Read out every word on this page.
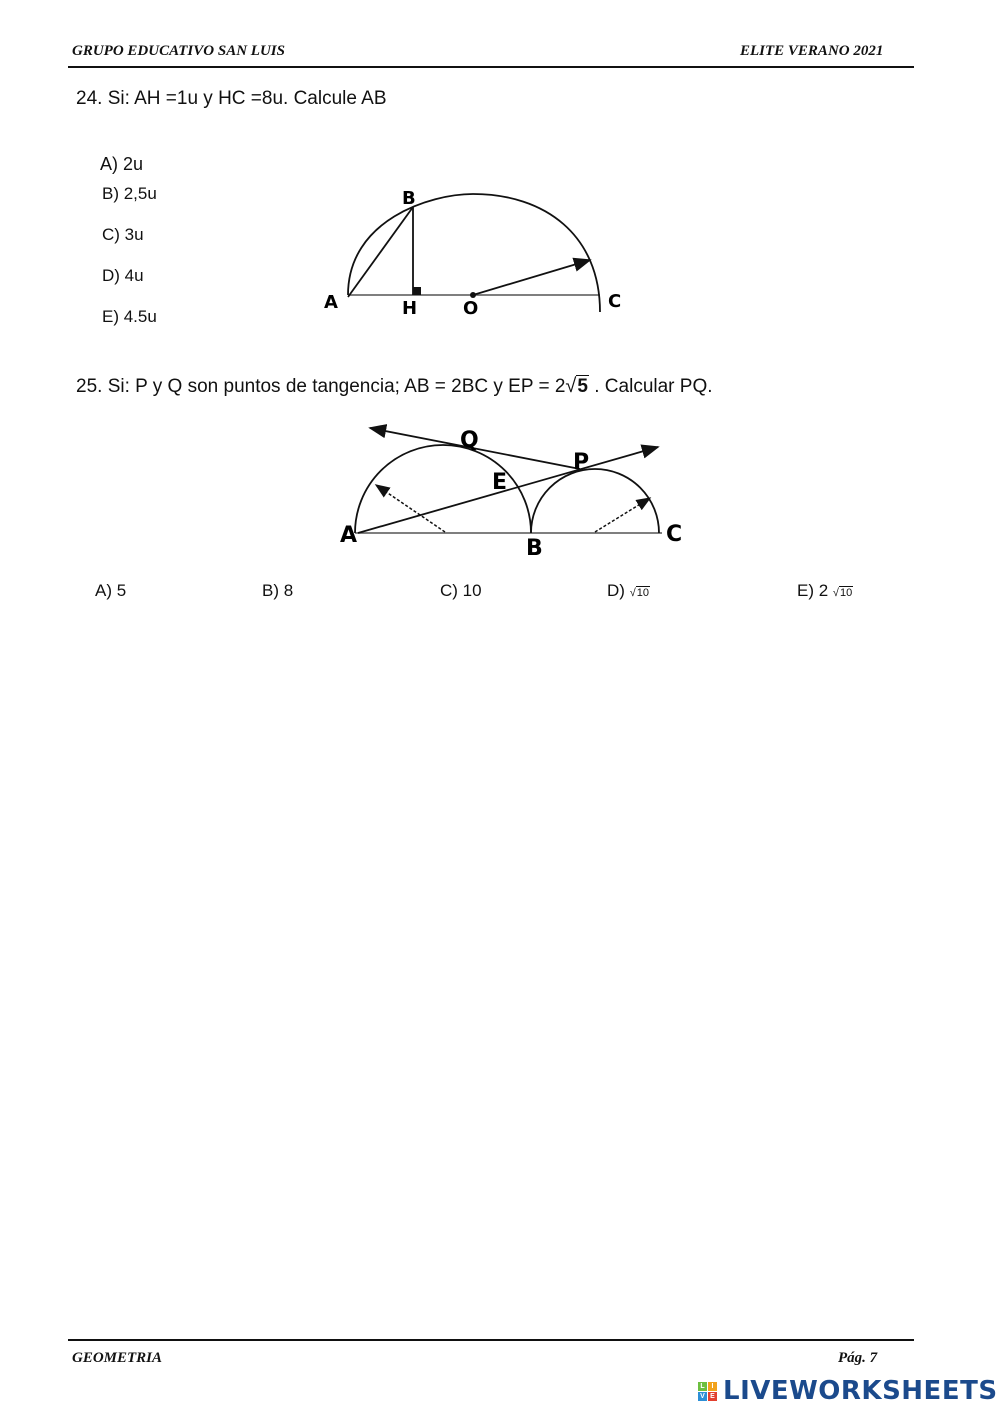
GRUPO EDUCATIVO SAN LUIS	ELITE VERANO 2021
24. Si: AH =1u y HC =8u. Calcule AB
A) 2u
B) 2,5u
C) 3u
D) 4u
E) 4.5u
B
A	H	O	C
25. Si: P y Q son puntos de tangencia; AB = 2BC y EP = 2√5 . Calcular PQ.
Q
P
E
A
B
C
A) 5	B) 8	C) 10	D) √10	E) 2 √10
GEOMETRIA	Pág. 7
L I
V E LIVEWORKSHEETS
